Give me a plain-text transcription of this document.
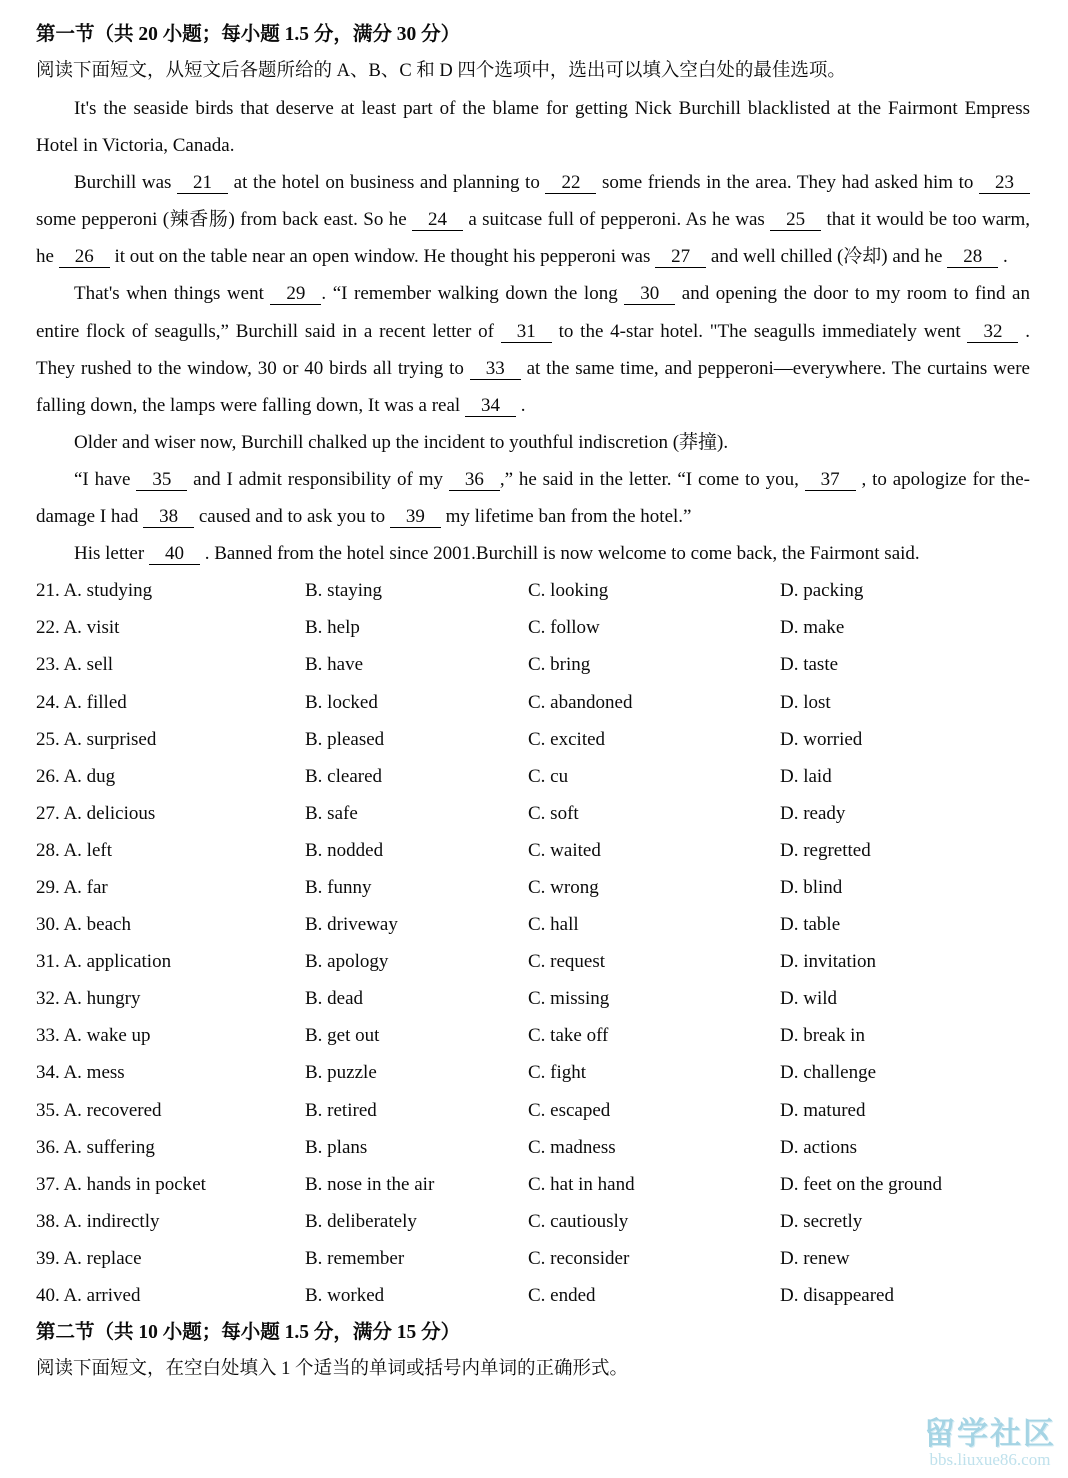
第一节（共 20 小题；每小题 1.5 分，满分 30 分）
阅读下面短文，从短文后各题所给的 A、B、C 和 D 四个选项中，选出可以填入空白处的最佳选项。

It's the seaside birds that deserve at least part of the blame for getting Nick Burchill blacklisted at the Fairmont Empress Hotel in Victoria, Canada.

Burchill was 21 at the hotel on business and planning to 22 some friends in the area. They had asked him to 23 some pepperoni (辣香肠) from back east. So he 24 a suitcase full of pepperoni. As he was 25 that it would be too warm, he 26 it out on the table near an open window. He thought his pepperoni was 27 and well chilled (冷却) and he 28 .

That's when things went 29 . “I remember walking down the long 30 and opening the door to my room to find an entire flock of seagulls,” Burchill said in a recent letter of 31 to the 4-star hotel. "The seagulls immediately went 32 . They rushed to the window, 30 or 40 birds all trying to 33 at the same time, and pepperoni—everywhere. The curtains were falling down, the lamps were falling down, It was a real 34 .

Older and wiser now, Burchill chalked up the incident to youthful indiscretion (莽撞).

“I have 35 and I admit responsibility of my 36 ,” he said in the letter. “I come to you, 37 , to apologize for the-damage I had 38 caused and to ask you to 39 my lifetime ban from the hotel.”

His letter 40 . Banned from the hotel since 2001.Burchill is now welcome to come back, the Fairmont said.

21. A. studying	B. staying	C. looking	D. packing
22. A. visit	B. help	C. follow	D. make
23. A. sell	B. have	C. bring	D. taste
24. A. filled	B. locked	C. abandoned	D. lost
25. A. surprised	B. pleased	C. excited	D. worried
26. A. dug	B. cleared	C. cu	D. laid
27. A. delicious	B. safe	C. soft	D. ready
28. A. left	B. nodded	C. waited	D. regretted
29. A. far	B. funny	C. wrong	D. blind
30. A. beach	B. driveway	C. hall	D. table
31. A. application	B. apology	C. request	D. invitation
32. A. hungry	B. dead	C. missing	D. wild
33. A. wake up	B. get out	C. take off	D. break in
34. A. mess	B. puzzle	C. fight	D. challenge
35. A. recovered	B. retired	C. escaped	D. matured
36. A. suffering	B. plans	C. madness	D. actions
37. A. hands in pocket	B. nose in the air	C. hat in hand	D. feet on the ground
38. A. indirectly	B. deliberately	C. cautiously	D. secretly
39. A. replace	B. remember	C. reconsider	D. renew
40. A. arrived	B. worked	C. ended	D. disappeared
第二节（共 10 小题；每小题 1.5 分，满分 15 分）
阅读下面短文，在空白处填入 1 个适当的单词或括号内单词的正确形式。
留学社区
bbs.liuxue86.com
